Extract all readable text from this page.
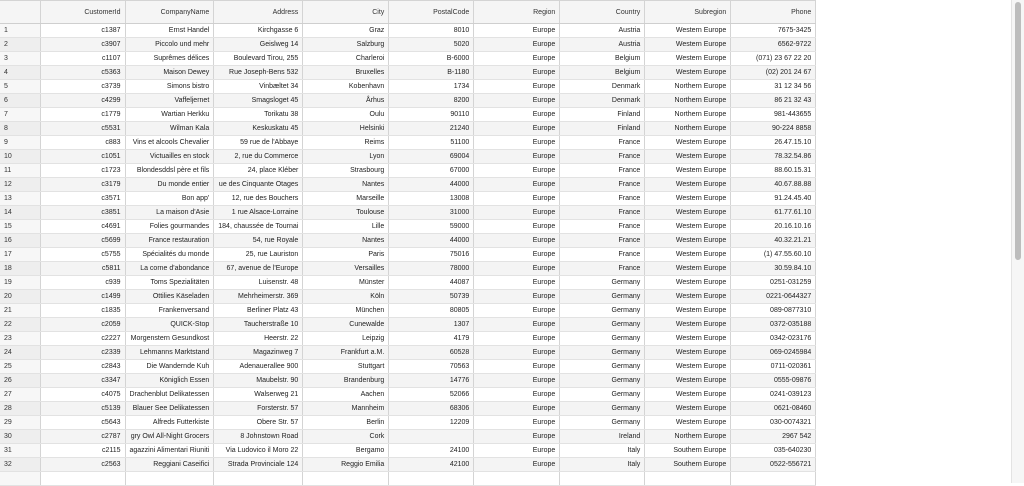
	CustomerId	CompanyName	Address	City	PostalCode	Region	Country	Subregion	Phone
1	c1387	Ernst Handel	Kirchgasse 6	Graz	8010	Europe	Austria	Western Europe	7675-3425
2	c3907	Piccolo und mehr	Geislweg 14	Salzburg	5020	Europe	Austria	Western Europe	6562-9722
3	c1107	Suprêmes délices	Boulevard Tirou, 255	Charleroi	B-6000	Europe	Belgium	Western Europe	(071) 23 67 22 20
4	c5363	Maison Dewey	Rue Joseph-Bens 532	Bruxelles	B-1180	Europe	Belgium	Western Europe	(02) 201 24 67
5	c3739	Simons bistro	Vinbæltet 34	Kobenhavn	1734	Europe	Denmark	Northern Europe	31 12 34 56
6	c4299	Vaffeljernet	Smagsloget 45	Århus	8200	Europe	Denmark	Northern Europe	86 21 32 43
7	c1779	Wartian Herkku	Torikatu 38	Oulu	90110	Europe	Finland	Northern Europe	981-443655
8	c5531	Wilman Kala	Keskuskatu 45	Helsinki	21240	Europe	Finland	Northern Europe	90-224 8858
9	c883	Vins et alcools Chevalier	59 rue de l'Abbaye	Reims	51100	Europe	France	Western Europe	26.47.15.10
10	c1051	Victuailles en stock	2, rue du Commerce	Lyon	69004	Europe	France	Western Europe	78.32.54.86
11	c1723	Blondesddsl père et fils	24, place Kléber	Strasbourg	67000	Europe	France	Western Europe	88.60.15.31
12	c3179	Du monde entier	ue des Cinquante Otages	Nantes	44000	Europe	France	Western Europe	40.67.88.88
13	c3571	Bon app'	12, rue des Bouchers	Marseille	13008	Europe	France	Western Europe	91.24.45.40
14	c3851	La maison d'Asie	1 rue Alsace-Lorraine	Toulouse	31000	Europe	France	Western Europe	61.77.61.10
15	c4691	Folies gourmandes	184, chaussée de Tournai	Lille	59000	Europe	France	Western Europe	20.16.10.16
16	c5699	France restauration	54, rue Royale	Nantes	44000	Europe	France	Western Europe	40.32.21.21
17	c5755	Spécialités du monde	25, rue Lauriston	Paris	75016	Europe	France	Western Europe	(1) 47.55.60.10
18	c5811	La corne d'abondance	67, avenue de l'Europe	Versailles	78000	Europe	France	Western Europe	30.59.84.10
19	c939	Toms Spezialitäten	Luisenstr. 48	Münster	44087	Europe	Germany	Western Europe	0251-031259
20	c1499	Ottilies Käseladen	Mehrheimerstr. 369	Köln	50739	Europe	Germany	Western Europe	0221-0644327
21	c1835	Frankenversand	Berliner Platz 43	München	80805	Europe	Germany	Western Europe	089-0877310
22	c2059	QUICK-Stop	Taucherstraße 10	Cunewalde	1307	Europe	Germany	Western Europe	0372-035188
23	c2227	Morgenstern Gesundkost	Heerstr. 22	Leipzig	4179	Europe	Germany	Western Europe	0342-023176
24	c2339	Lehmanns Marktstand	Magazinweg 7	Frankfurt a.M.	60528	Europe	Germany	Western Europe	069-0245984
25	c2843	Die Wandernde Kuh	Adenauerallee 900	Stuttgart	70563	Europe	Germany	Western Europe	0711-020361
26	c3347	Königlich Essen	Maubelstr. 90	Brandenburg	14776	Europe	Germany	Western Europe	0555-09876
27	c4075	Drachenblut Delikatessen	Walserweg 21	Aachen	52066	Europe	Germany	Western Europe	0241-039123
28	c5139	Blauer See Delikatessen	Forsterstr. 57	Mannheim	68306	Europe	Germany	Western Europe	0621-08460
29	c5643	Alfreds Futterkiste	Obere Str. 57	Berlin	12209	Europe	Germany	Western Europe	030-0074321
30	c2787	gry Owl All-Night Grocers	8 Johnstown Road	Cork		Europe	Ireland	Northern Europe	2967 542
31	c2115	agazzini Alimentari Riuniti	Via Ludovico il Moro 22	Bergamo	24100	Europe	Italy	Southern Europe	035-640230
32	c2563	Reggiani Caseifici	Strada Provinciale 124	Reggio Emilia	42100	Europe	Italy	Southern Europe	0522-556721
